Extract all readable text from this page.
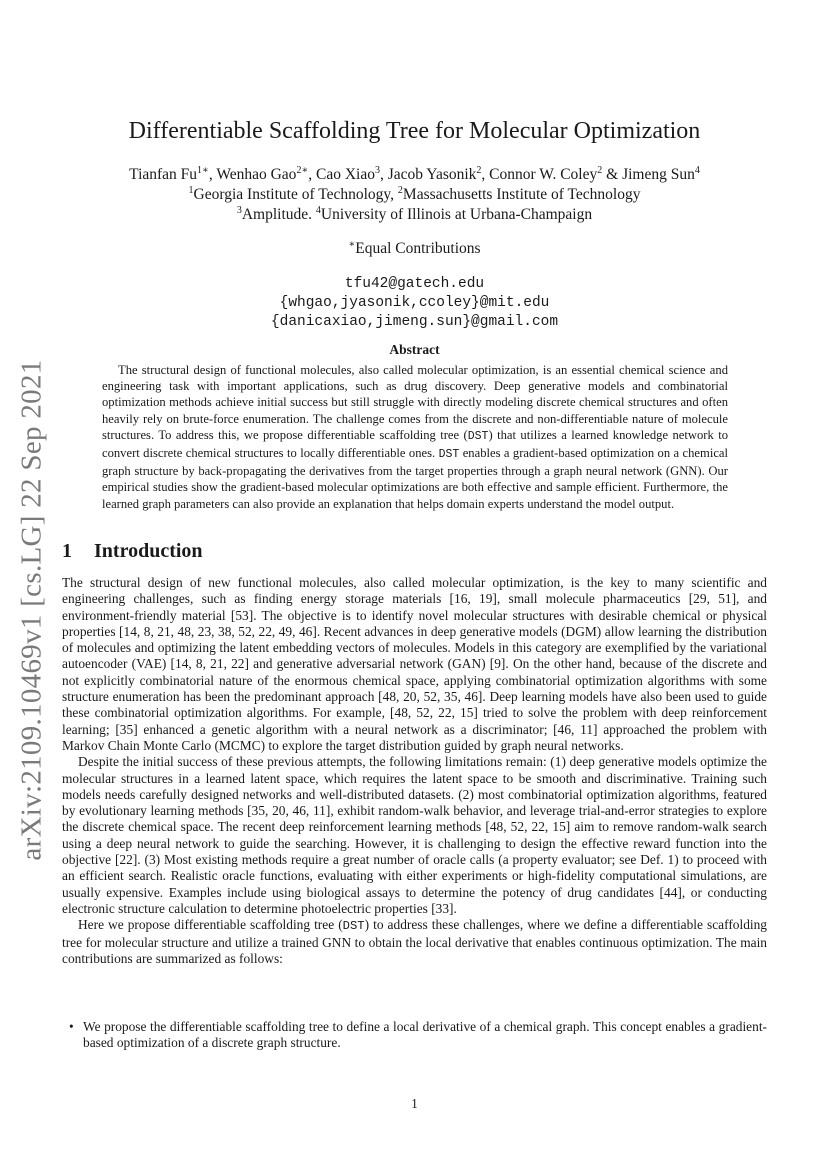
arXiv:2109.10469v1 [cs.LG] 22 Sep 2021
Differentiable Scaffolding Tree for Molecular Optimization
Tianfan $Fu^{1∗}$, Wenhao Gao$^{2∗}$, Cao Xiao$^3$, Jacob Yasonik$^2$, Connor W. Coley$^2$ & Jimeng Sun$^4$
$^1$Georgia Institute of Technology, $^2$Massachusetts Institute of Technology
$^3$Amplitude. $^4$University of Illinois at Urbana-Champaign
∗Equal Contributions
tfu42@gatech.edu
{whgao,jyasonik,ccoley}@mit.edu
{danicaxiao,jimeng.sun}@gmail.com
Abstract

The structural design of functional molecules, also called molecular optimization, is an essential chemical science and engineering task with important applications, such as drug discovery. Deep generative models and combinatorial optimization methods achieve initial success but still struggle with directly modeling discrete chemical structures and often heavily rely on brute-force enumeration. The challenge comes from the discrete and non-differentiable nature of molecule structures. To address this, we propose differentiable scaffolding tree (DST) that utilizes a learned knowledge network to convert discrete chemical structures to locally differentiable ones. DST enables a gradient-based optimization on a chemical graph structure by back-propagating the derivatives from the target properties through a graph neural network (GNN). Our empirical studies show the gradient-based molecular optimizations are both effective and sample efficient. Furthermore, the learned graph parameters can also provide an explanation that helps domain experts understand the model output.

1 Introduction

The structural design of new functional molecules, also called molecular optimization, is the key to many scientific and engineering challenges, such as finding energy storage materials [16, 19], small molecule pharmaceutics [29, 51], and environment-friendly material [53]. The objective is to identify novel molecular structures with desirable chemical or physical properties [14, 8, 21, 48, 23, 38, 52, 22, 49, 46]. Recent advances in deep generative models (DGM) allow learning the distribution of molecules and optimizing the latent embedding vectors of molecules. Models in this category are exemplified by the variational autoencoder (VAE) [14, 8, 21, 22] and generative adversarial network (GAN) [9]. On the other hand, because of the discrete and not explicitly combinatorial nature of the enormous chemical space, applying combinatorial optimization algorithms with some structure enumeration has been the predominant approach [48, 20, 52, 35, 46]. Deep learning models have also been used to guide these combinatorial optimization algorithms. For example, [48, 52, 22, 15] tried to solve the problem with deep reinforcement learning; [35] enhanced a genetic algorithm with a neural network as a discriminator; [46, 11] approached the problem with Markov Chain Monte Carlo (MCMC) to explore the target distribution guided by graph neural networks.

Despite the initial success of these previous attempts, the following limitations remain: (1) deep generative models optimize the molecular structures in a learned latent space, which requires the latent space to be smooth and discriminative. Training such models needs carefully designed networks and well-distributed datasets. (2) most combinatorial optimization algorithms, featured by evolutionary learning methods [35, 20, 46, 11], exhibit random-walk behavior, and leverage trial-and-error strategies to explore the discrete chemical space. The recent deep reinforcement learning methods [48, 52, 22, 15] aim to remove random-walk search using a deep neural network to guide the searching. However, it is challenging to design the effective reward function into the objective [22]. (3) Most existing methods require a great number of oracle calls (a property evaluator; see Def. 1) to proceed with an efficient search. Realistic oracle functions, evaluating with either experiments or high-fidelity computational simulations, are usually expensive. Examples include using biological assays to determine the potency of drug candidates [44], or conducting electronic structure calculation to determine photoelectric properties [33].

Here we propose differentiable scaffolding tree (DST) to address these challenges, where we define a differentiable scaffolding tree for molecular structure and utilize a trained GNN to obtain the local derivative that enables continuous optimization. The main contributions are summarized as follows:

• We propose the differentiable scaffolding tree to define a local derivative of a chemical graph. This concept enables a gradient-based optimization of a discrete graph structure.
1
